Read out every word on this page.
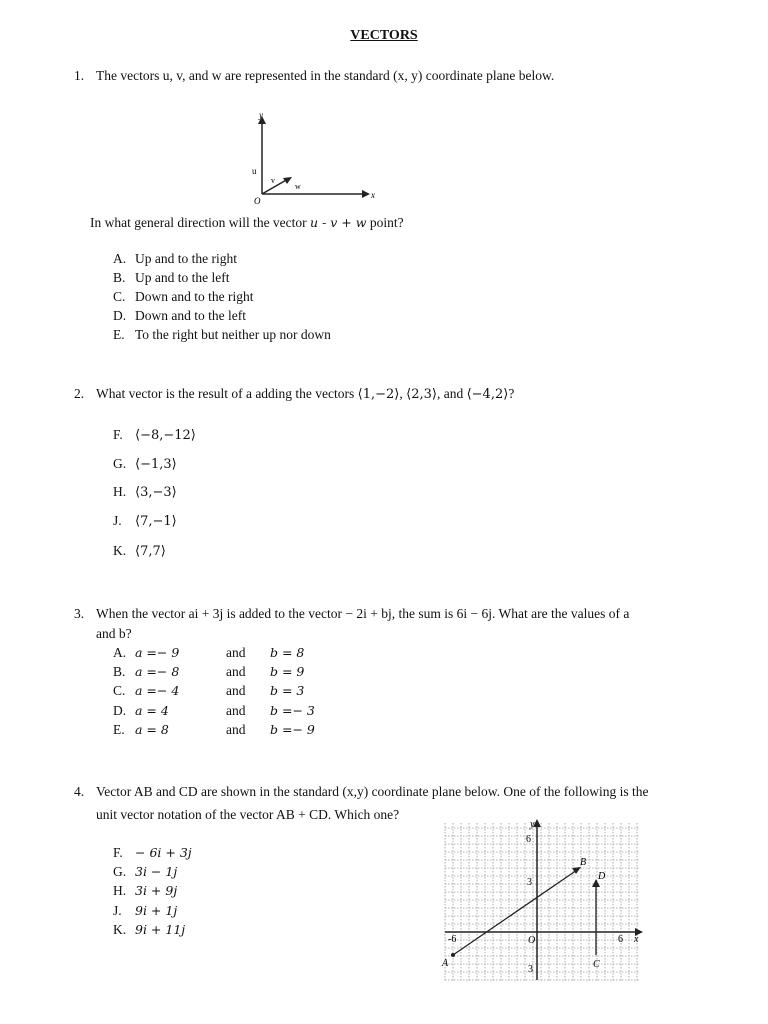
VECTORS
1. The vectors u, v, and w are represented in the standard (x, y) coordinate plane below.
y
x
O
u
v
w
In what general direction will the vector u - v + w point?
A. Up and to the right
B. Up and to the left
C. Down and to the right
D. Down and to the left
E. To the right but neither up nor down
2. What vector is the result of a adding the vectors ⟨1,−2⟩, ⟨2,3⟩, and ⟨−4,2⟩?
F. ⟨−8,−12⟩
G. ⟨−1,3⟩
H. ⟨3,−3⟩
J. ⟨7,−1⟩
K. ⟨7,7⟩
3. When the vector ai + 3j is added to the vector − 2i + bj, the sum is 6i − 6j. What are the values of a
and b?
A. a =− 9	and b = 8
B. a =− 8	and b = 9
C. a =− 4	and b = 3
D. a = 4	and b =− 3
E. a = 8	and b =− 9
4. Vector AB and CD are shown in the standard (x,y) coordinate plane below. One of the following is the
unit vector notation of the vector AB + CD. Which one?
F. − 6i + 3j
G. 3i − 1j
H. 3i + 9j
J. 9i + 1j
K. 9i + 11j
y
x
6
3
-6	6
3
O
A
B
C
D
